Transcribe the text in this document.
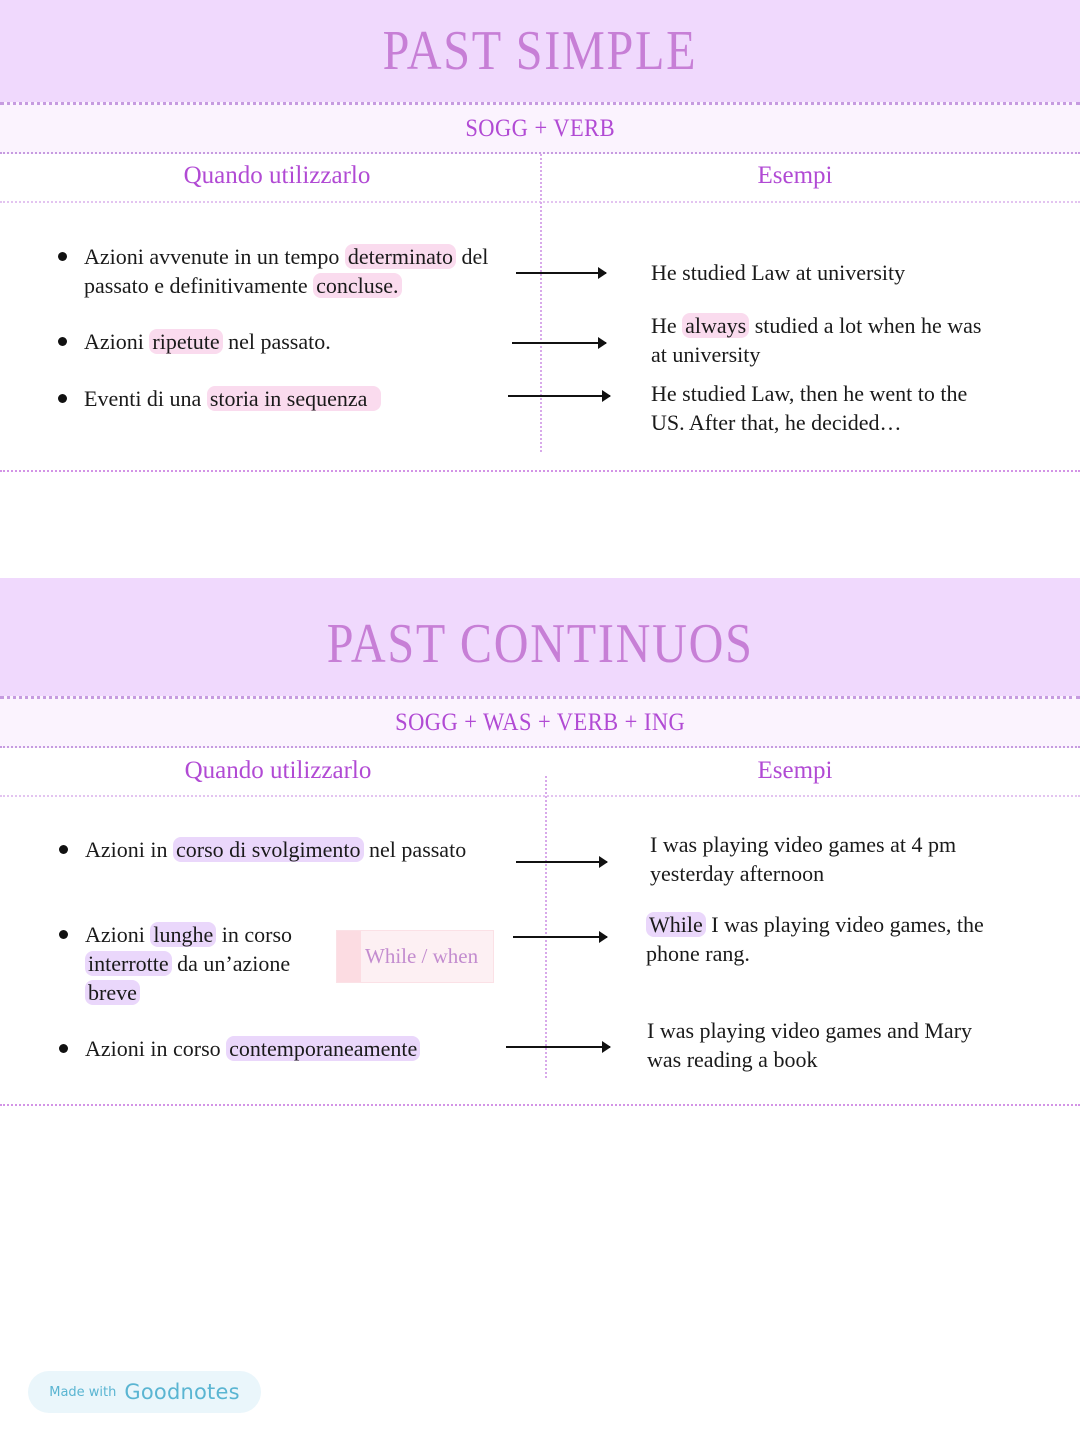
PAST SIMPLE
SOGG + VERB
Quando utilizzarlo	Esempi
Azioni avvenute in un tempo determinato del passato e definitivamente concluse.
Azioni ripetute nel passato.
Eventi di una storia in sequenza
He studied Law at university
He always studied a lot when he was at university
He studied Law, then he went to the US. After that, he decided…
PAST CONTINUOS
SOGG + WAS + VERB + ING
Quando utilizzarlo	Esempi
Azioni in corso di svolgimento nel passato
Azioni lunghe in corso interrotte da un’azione breve
Azioni in corso contemporaneamente
While / when
I was playing video games at 4 pm yesterday afternoon
While I was playing video games, the phone rang.
I was playing video games and Mary was reading a book
Made with Goodnotes
